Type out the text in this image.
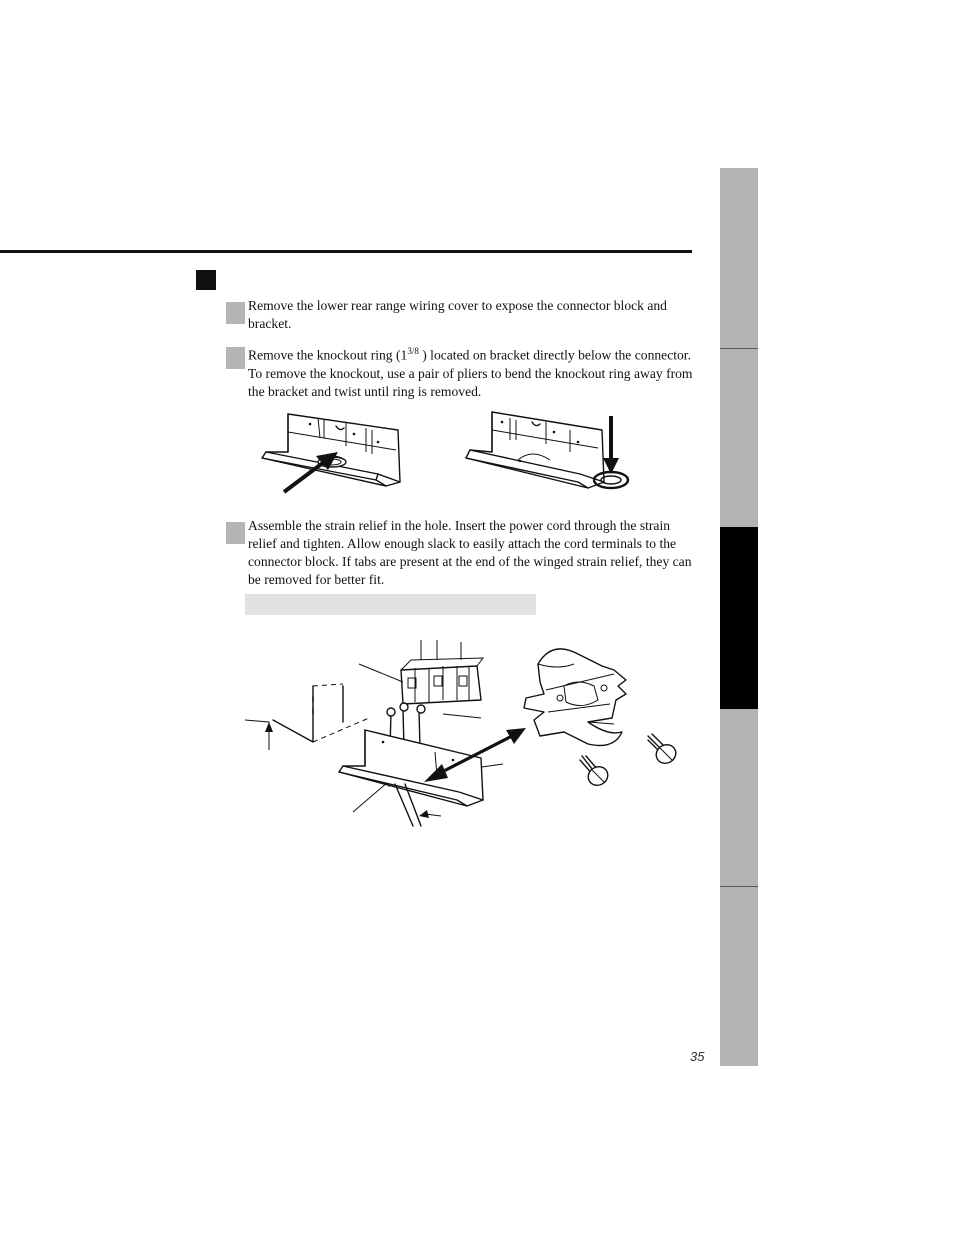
Remove the lower rear range wiring cover to expose the connector block and bracket.
Remove the knockout ring ($1^{3/8}$ ) located on bracket directly below the connector. To remove the knockout, use a pair of pliers to bend the knockout ring away from the bracket and twist until ring is removed.
Assemble the strain relief in the hole. Insert the power cord through the strain relief and tighten. Allow enough slack to easily attach the cord terminals to the connector block. If tabs are present at the end of the winged strain relief, they can be removed for better fit.
35
